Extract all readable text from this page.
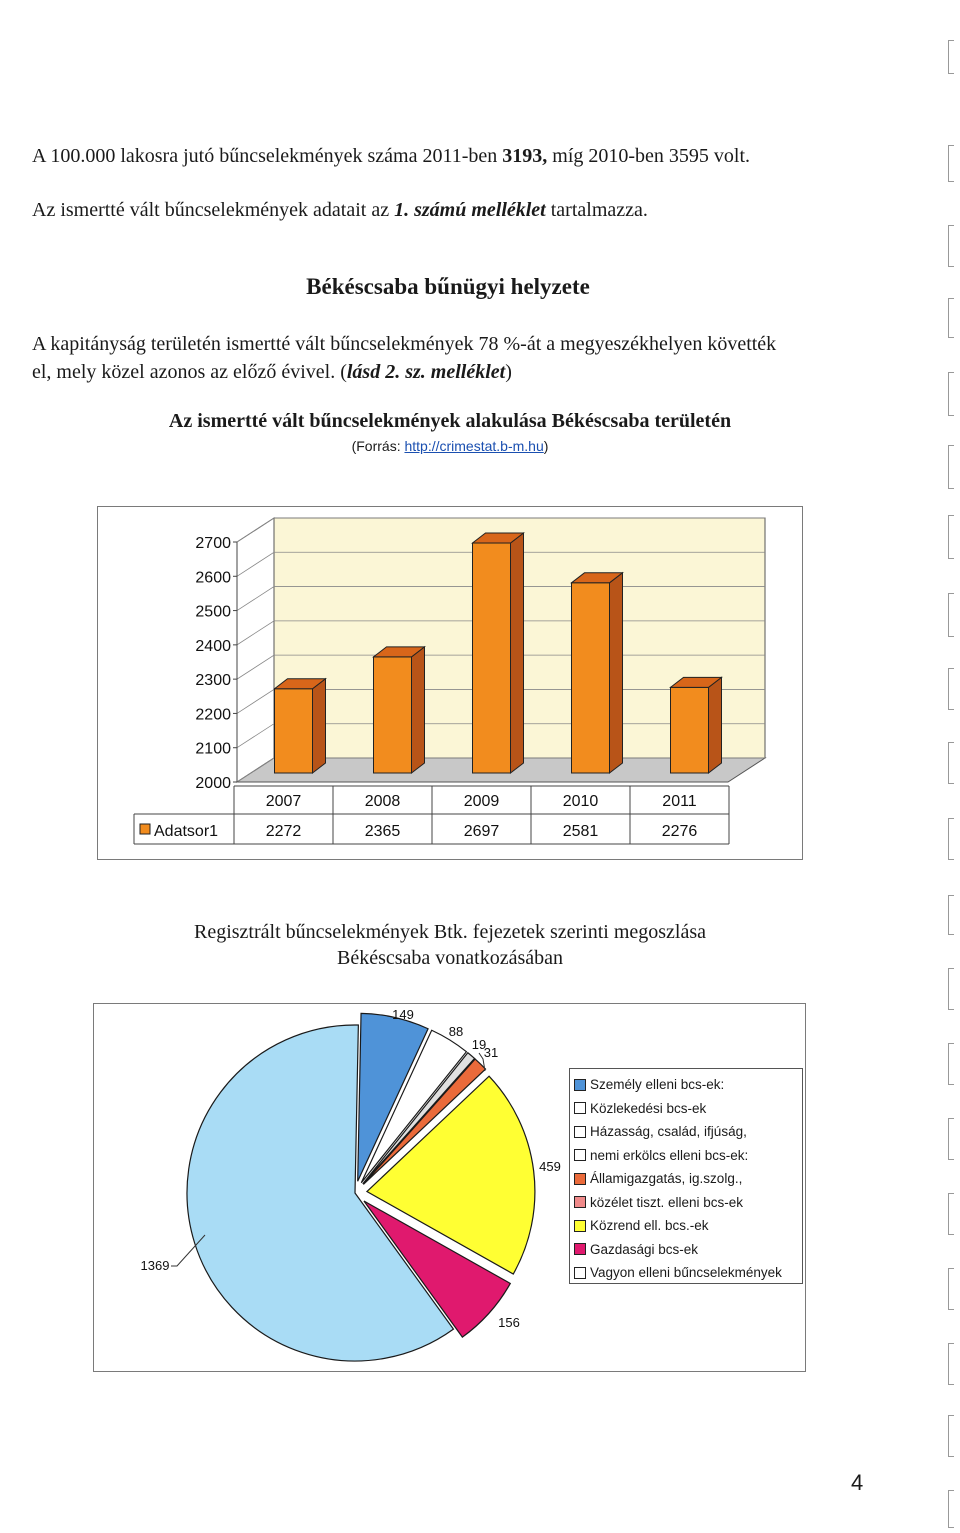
A 100.000 lakosra jutó bűncselekmények száma 2011-ben 3193, míg 2010-ben 3595 volt.
Az ismertté vált bűncselekmények adatait az 1. számú melléklet tartalmazza.
Békéscsaba bűnügyi helyzete
A kapitányság területén ismertté vált bűncselekmények 78 %-át a megyeszékhelyen követték
el, mely közel azonos az előző évivel. (lásd 2. sz. melléklet)
Az ismertté vált bűncselekmények alakulása Békéscsaba területén
(Forrás: http://crimestat.b-m.hu)
2700
2600
2500
2400
2300
2200
2100
2000
2007	2008	2009	2010	2011
2272	2365	2697	2581	2276
Adatsor1
Regisztrált bűncselekmények Btk. fejezetek szerinti megoszlása
Békéscsaba vonatkozásában
149
88
19
31
459
156
1369
Személy elleni bcs-ek:
Közlekedési bcs-ek
Házasság, család, ifjúság,
nemi erkölcs elleni bcs-ek:
Államigazgatás, ig.szolg.,
közélet tiszt. elleni bcs-ek
Közrend ell. bcs.-ek
Gazdasági bcs-ek
Vagyon elleni bűncselekmények
4
